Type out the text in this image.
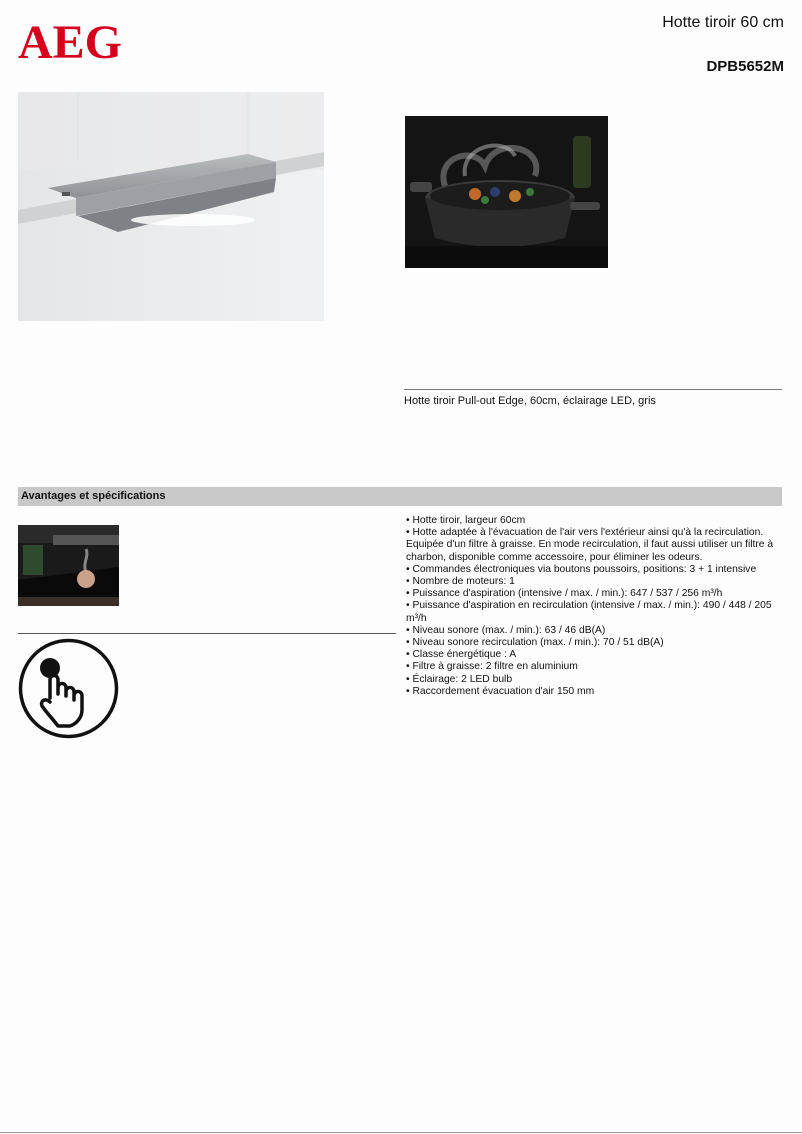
AEG	Hotte tiroir 60 cm
DPB5652M
Hotte tiroir Pull-out Edge, 60cm, éclairage LED, gris
Avantages et spécifications
• Hotte tiroir, largeur 60cm
• Hotte adaptée à l'évacuation de l'air vers l'extérieur ainsi qu'à la recirculation. Equipée d'un filtre à graisse. En mode recirculation, il faut aussi utiliser un filtre à charbon, disponible comme accessoire, pour éliminer les odeurs.
• Commandes électroniques via boutons poussoirs, positions: 3 + 1 intensive
• Nombre de moteurs: 1
• Puissance d'aspiration (intensive / max. / min.): 647 / 537 / 256 m³/h
• Puissance d'aspiration en recirculation (intensive / max. / min.): 490 / 448 / 205 m³/h
• Niveau sonore (max. / min.): 63 / 46 dB(A)
• Niveau sonore recirculation (max. / min.): 70 / 51 dB(A)
• Classe énergétique : A
• Filtre à graisse: 2 filtre en aluminium
• Éclairage: 2 LED bulb
• Raccordement évacuation d'air 150 mm
